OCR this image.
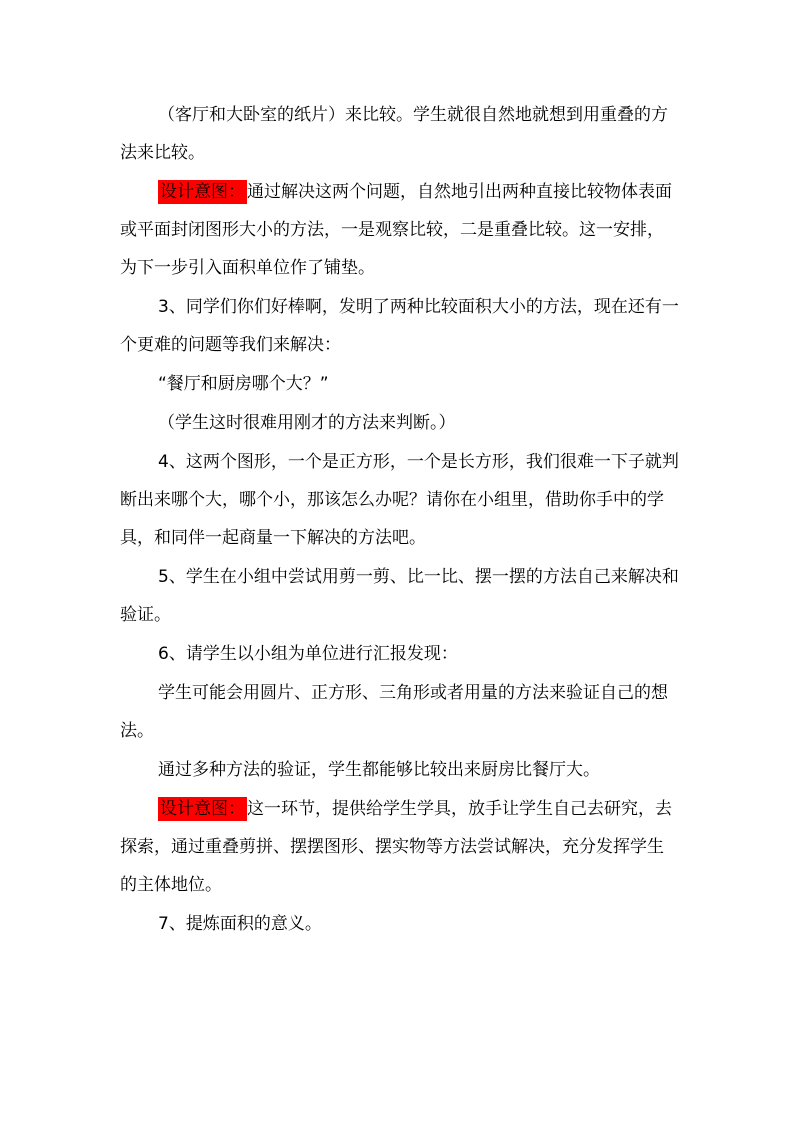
（客厅和大卧室的纸片）来比较。学生就很自然地就想到用重叠的方法来比较。

设计意图： 通过解决这两个问题，自然地引出两种直接比较物体表面或平面封闭图形大小的方法，一是观察比较，二是重叠比较。这一安排，为下一步引入面积单位作了铺垫。

3、同学们你们好棒啊，发明了两种比较面积大小的方法，现在还有一个更难的问题等我们来解决：

“餐厅和厨房哪个大？”

（学生这时很难用刚才的方法来判断。）

4、这两个图形，一个是正方形，一个是长方形，我们很难一下子就判断出来哪个大，哪个小，那该怎么办呢？请你在小组里，借助你手中的学具，和同伴一起商量一下解决的方法吧。

5、学生在小组中尝试用剪一剪、比一比、摆一摆的方法自己来解决和验证。

6、请学生以小组为单位进行汇报发现：

学生可能会用圆片、正方形、三角形或者用量的方法来验证自己的想法。

通过多种方法的验证，学生都能够比较出来厨房比餐厅大。

设计意图： 这一环节，提供给学生学具，放手让学生自己去研究，去探索，通过重叠剪拼、摆摆图形、摆实物等方法尝试解决，充分发挥学生的主体地位。

7、提炼面积的意义。
